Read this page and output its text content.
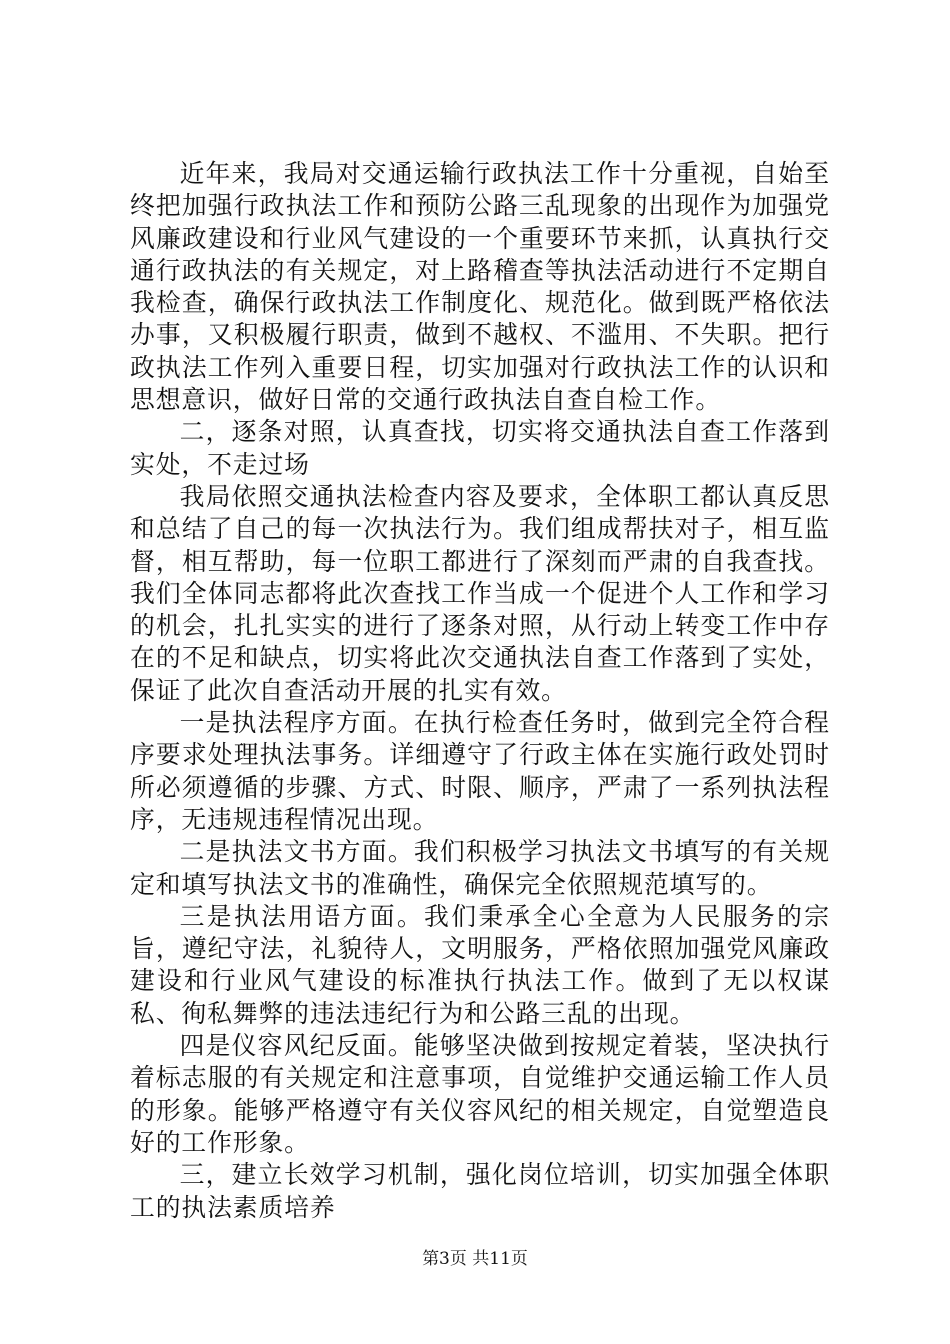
近年来，我局对交通运输行政执法工作十分重视，自始至终把加强行政执法工作和预防公路三乱现象的出现作为加强党风廉政建设和行业风气建设的一个重要环节来抓，认真执行交通行政执法的有关规定，对上路稽查等执法活动进行不定期自我检查，确保行政执法工作制度化、规范化。做到既严格依法办事，又积极履行职责，做到不越权、不滥用、不失职。把行政执法工作列入重要日程，切实加强对行政执法工作的认识和思想意识，做好日常的交通行政执法自查自检工作。

二，逐条对照，认真查找，切实将交通执法自查工作落到实处，不走过场

我局依照交通执法检查内容及要求，全体职工都认真反思和总结了自己的每一次执法行为。我们组成帮扶对子，相互监督，相互帮助，每一位职工都进行了深刻而严肃的自我查找。我们全体同志都将此次查找工作当成一个促进个人工作和学习的机会，扎扎实实的进行了逐条对照，从行动上转变工作中存在的不足和缺点，切实将此次交通执法自查工作落到了实处，保证了此次自查活动开展的扎实有效。

一是执法程序方面。在执行检查任务时，做到完全符合程序要求处理执法事务。详细遵守了行政主体在实施行政处罚时所必须遵循的步骤、方式、时限、顺序，严肃了一系列执法程序，无违规违程情况出现。

二是执法文书方面。我们积极学习执法文书填写的有关规定和填写执法文书的准确性，确保完全依照规范填写的。

三是执法用语方面。我们秉承全心全意为人民服务的宗旨，遵纪守法，礼貌待人，文明服务，严格依照加强党风廉政建设和行业风气建设的标准执行执法工作。做到了无以权谋私、徇私舞弊的违法违纪行为和公路三乱的出现。

四是仪容风纪反面。能够坚决做到按规定着装，坚决执行着标志服的有关规定和注意事项，自觉维护交通运输工作人员的形象。能够严格遵守有关仪容风纪的相关规定，自觉塑造良好的工作形象。

三，建立长效学习机制，强化岗位培训，切实加强全体职工的执法素质培养

第3页 共11页
